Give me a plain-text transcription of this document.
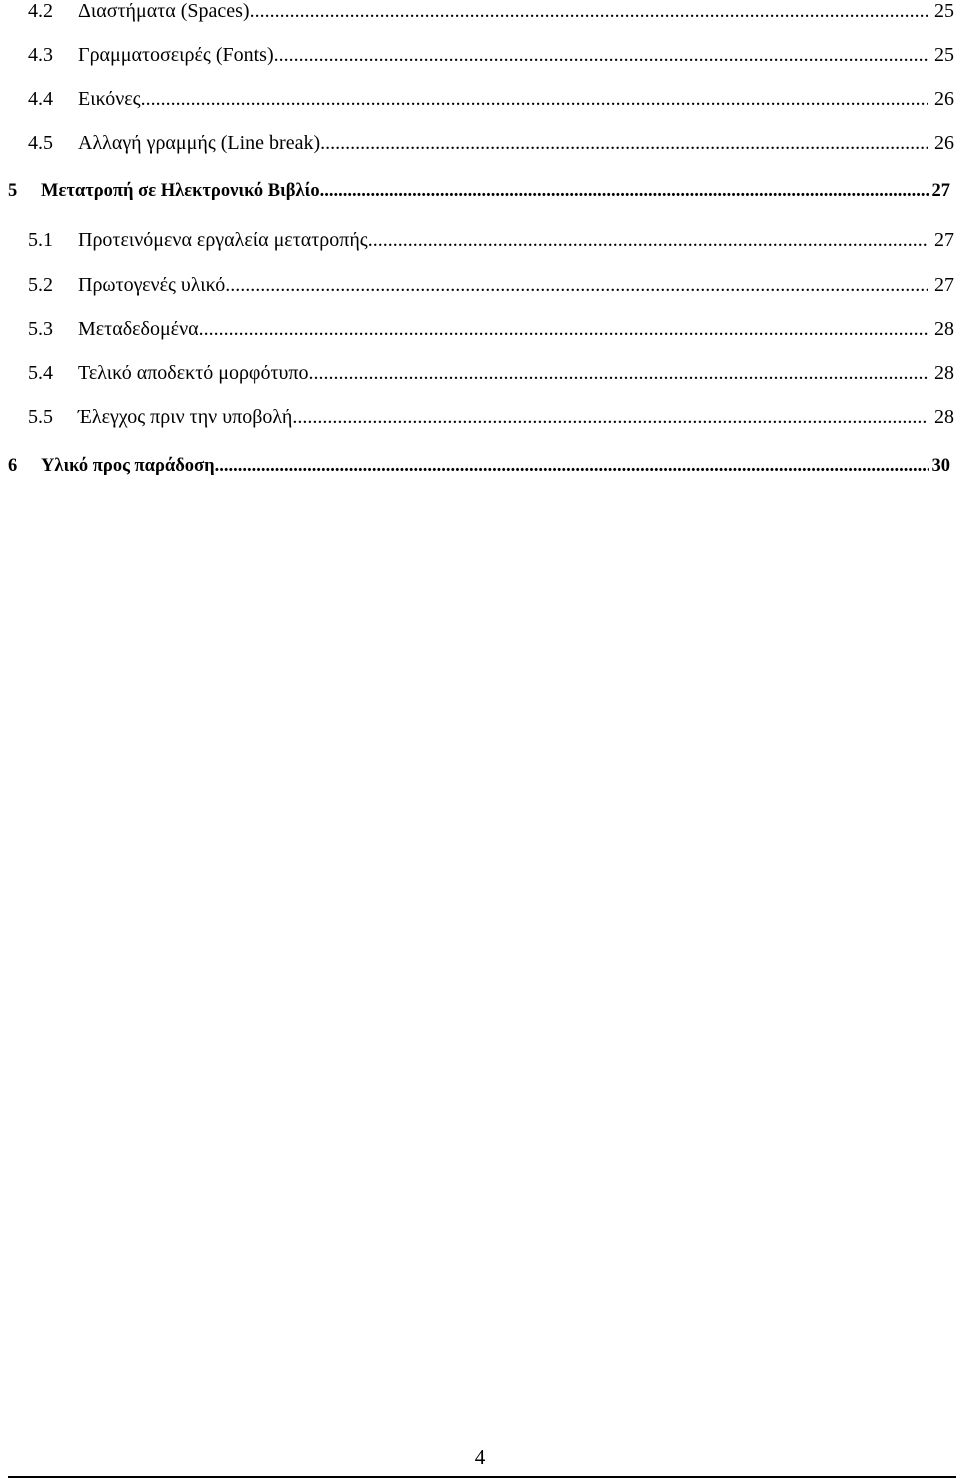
4.2	Διαστήματα (Spaces) .....	25
4.3	Γραμματοσειρές (Fonts) .....	25
4.4	Εικόνες .....	26
4.5	Αλλαγή γραμμής (Line break) .....	26
5	Μετατροπή σε Ηλεκτρονικό Βιβλίο .....	27
5.1	Προτεινόμενα εργαλεία μετατροπής .....	27
5.2	Πρωτογενές υλικό .....	27
5.3	Μεταδεδομένα .....	28
5.4	Τελικό αποδεκτό μορφότυπο .....	28
5.5	Έλεγχος πριν την υποβολή .....	28
6	Υλικό προς παράδοση .....	30
4
